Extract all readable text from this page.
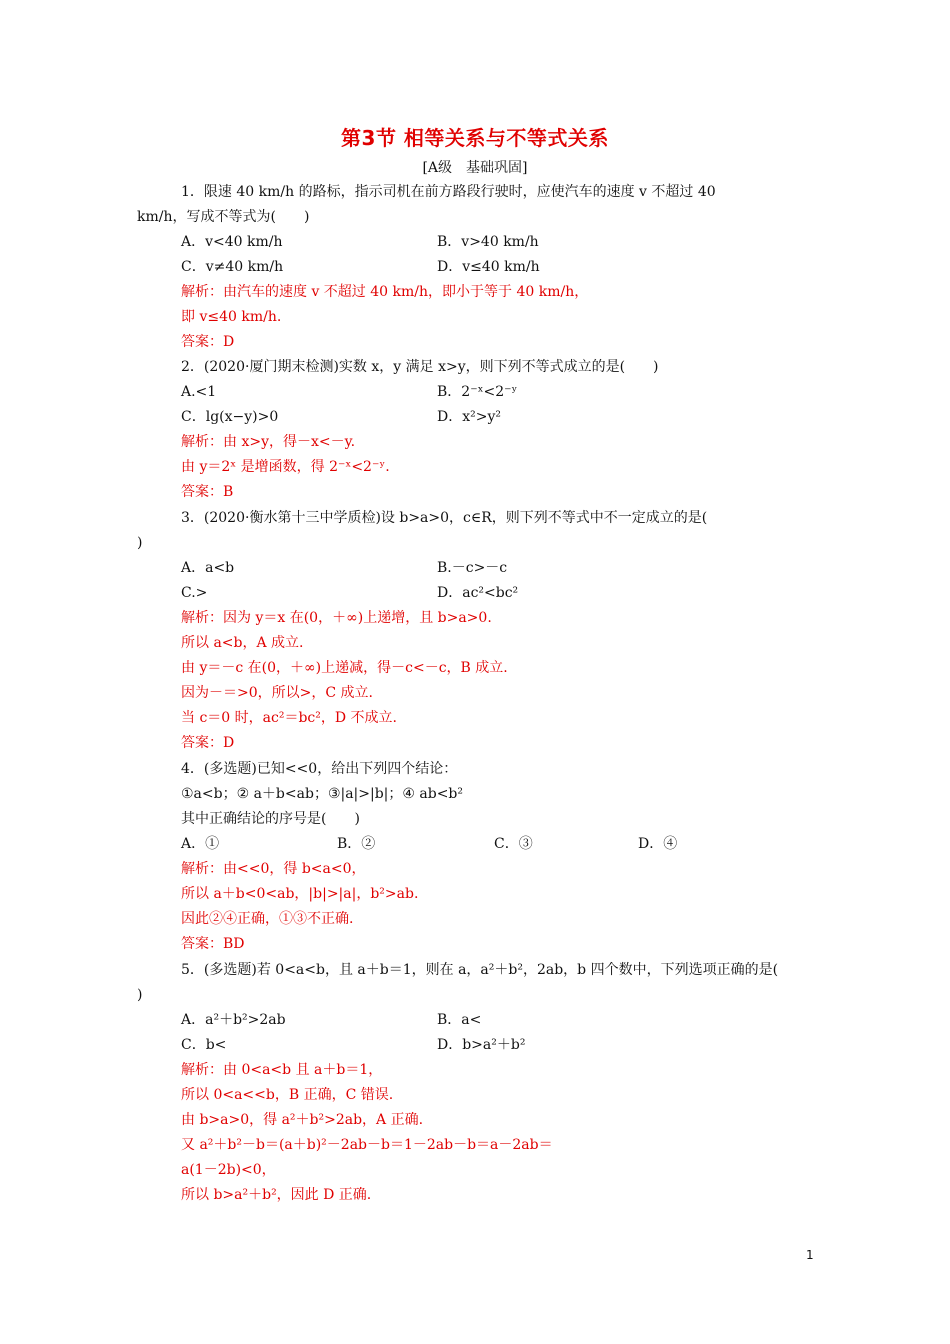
第3节 相等关系与不等式关系
[A级　基础巩固]
1．限速 40 km/h 的路标，指示司机在前方路段行驶时，应使汽车的速度 v 不超过 40
km/h，写成不等式为(　　)
A．v<40 km/h	B．v>40 km/h
C．v≠40 km/h	D．v≤40 km/h
解析：由汽车的速度 v 不超过 40 km/h，即小于等于 40 km/h，
即 v≤40 km/h.
答案：D
2．(2020·厦门期末检测)实数 x，y 满足 x>y，则下列不等式成立的是(　　)
A.<1	B．2⁻ˣ<2⁻ʸ
C．lg(x−y)>0	D．x²>y²
解析：由 x>y，得－x<－y.
由 y＝2ˣ 是增函数，得 2⁻ˣ<2⁻ʸ.
答案：B
3．(2020·衡水第十三中学质检)设 b>a>0，c∈R，则下列不等式中不一定成立的是(
)
A．a<b	B.－c>－c
C.>	D．ac²<bc²
解析：因为 y＝x 在(0，＋∞)上递增，且 b>a>0.
所以 a<b，A 成立.
由 y＝－c 在(0，＋∞)上递减，得－c<－c，B 成立.
因为－＝>0，所以>，C 成立.
当 c＝0 时，ac²＝bc²，D 不成立.
答案：D
4．(多选题)已知<<0，给出下列四个结论：
①a<b；② a＋b<ab；③|a|>|b|；④ ab<b²
其中正确结论的序号是(　　)
A．①	B．②	C．③	D．④
解析：由<<0，得 b<a<0，
所以 a＋b<0<ab，|b|>|a|，b²>ab.
因此②④正确，①③不正确.
答案：BD
5．(多选题)若 0<a<b，且 a＋b＝1，则在 a，a²＋b²，2ab，b 四个数中，下列选项正确的是(
)
A．a²＋b²>2ab	B．a<
C．b<	D．b>a²＋b²
解析：由 0<a<b 且 a＋b＝1，
所以 0<a<<b，B 正确，C 错误.
由 b>a>0，得 a²＋b²>2ab，A 正确.
又 a²＋b²－b＝(a＋b)²－2ab－b＝1－2ab－b＝a－2ab＝
a(1－2b)<0，
所以 b>a²＋b²，因此 D 正确.
1
